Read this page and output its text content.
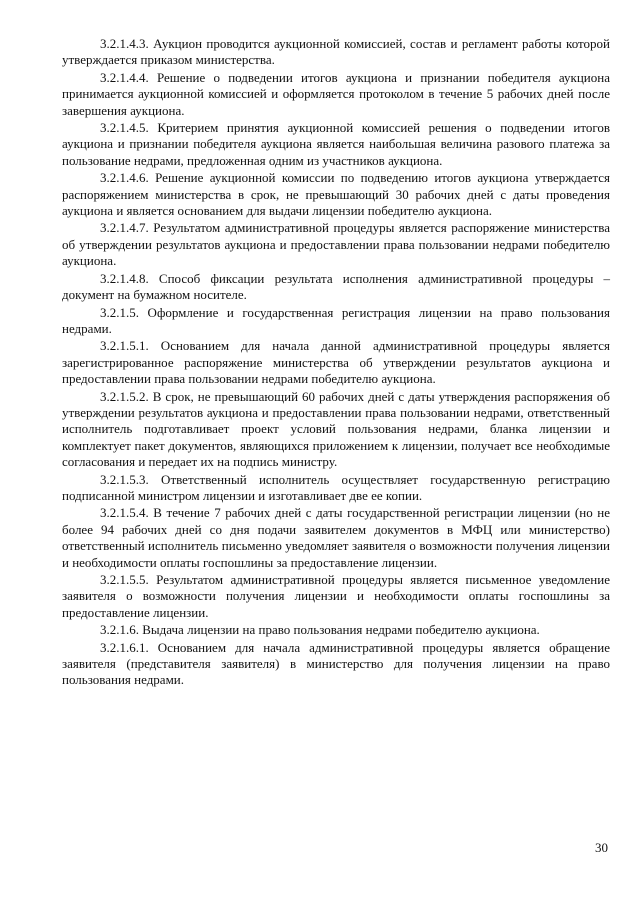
3.2.1.4.3. Аукцион проводится аукционной комиссией, состав и регламент работы которой утверждается приказом министерства.

3.2.1.4.4. Решение о подведении итогов аукциона и признании победителя аукциона принимается аукционной комиссией и оформляется протоколом в течение 5 рабочих дней после завершения аукциона.

3.2.1.4.5. Критерием принятия аукционной комиссией решения о подведении итогов аукциона и признании победителя аукциона является наибольшая величина разового платежа за пользование недрами, предложенная одним из участников аукциона.

3.2.1.4.6. Решение аукционной комиссии по подведению итогов аукциона утверждается распоряжением министерства в срок, не превышающий 30 рабочих дней с даты проведения аукциона и является основанием для выдачи лицензии победителю аукциона.

3.2.1.4.7. Результатом административной процедуры является распоряжение министерства об утверждении результатов аукциона и предоставлении права пользовании недрами победителю аукциона.

3.2.1.4.8. Способ фиксации результата исполнения административной процедуры – документ на бумажном носителе.

3.2.1.5. Оформление и государственная регистрация лицензии на право пользования недрами.

3.2.1.5.1. Основанием для начала данной административной процедуры является зарегистрированное распоряжение министерства об утверждении результатов аукциона и предоставлении права пользовании недрами победителю аукциона.

3.2.1.5.2. В срок, не превышающий 60 рабочих дней с даты утверждения распоряжения об утверждении результатов аукциона и предоставлении права пользовании недрами, ответственный исполнитель подготавливает проект условий пользования недрами, бланка лицензии и комплектует пакет документов, являющихся приложением к лицензии, получает все необходимые согласования и передает их на подпись министру.

3.2.1.5.3. Ответственный исполнитель осуществляет государственную регистрацию подписанной министром лицензии и изготавливает две ее копии.

3.2.1.5.4. В течение 7 рабочих дней с даты государственной регистрации лицензии (но не более 94 рабочих дней со дня подачи заявителем документов в МФЦ или министерство) ответственный исполнитель письменно уведомляет заявителя о возможности получения лицензии и необходимости оплаты госпошлины за предоставление лицензии.

3.2.1.5.5. Результатом административной процедуры является письменное уведомление заявителя о возможности получения лицензии и необходимости оплаты госпошлины за предоставление лицензии.

3.2.1.6. Выдача лицензии на право пользования недрами победителю аукциона.

3.2.1.6.1. Основанием для начала административной процедуры является обращение заявителя (представителя заявителя) в министерство для получения лицензии на право пользования недрами.

30
